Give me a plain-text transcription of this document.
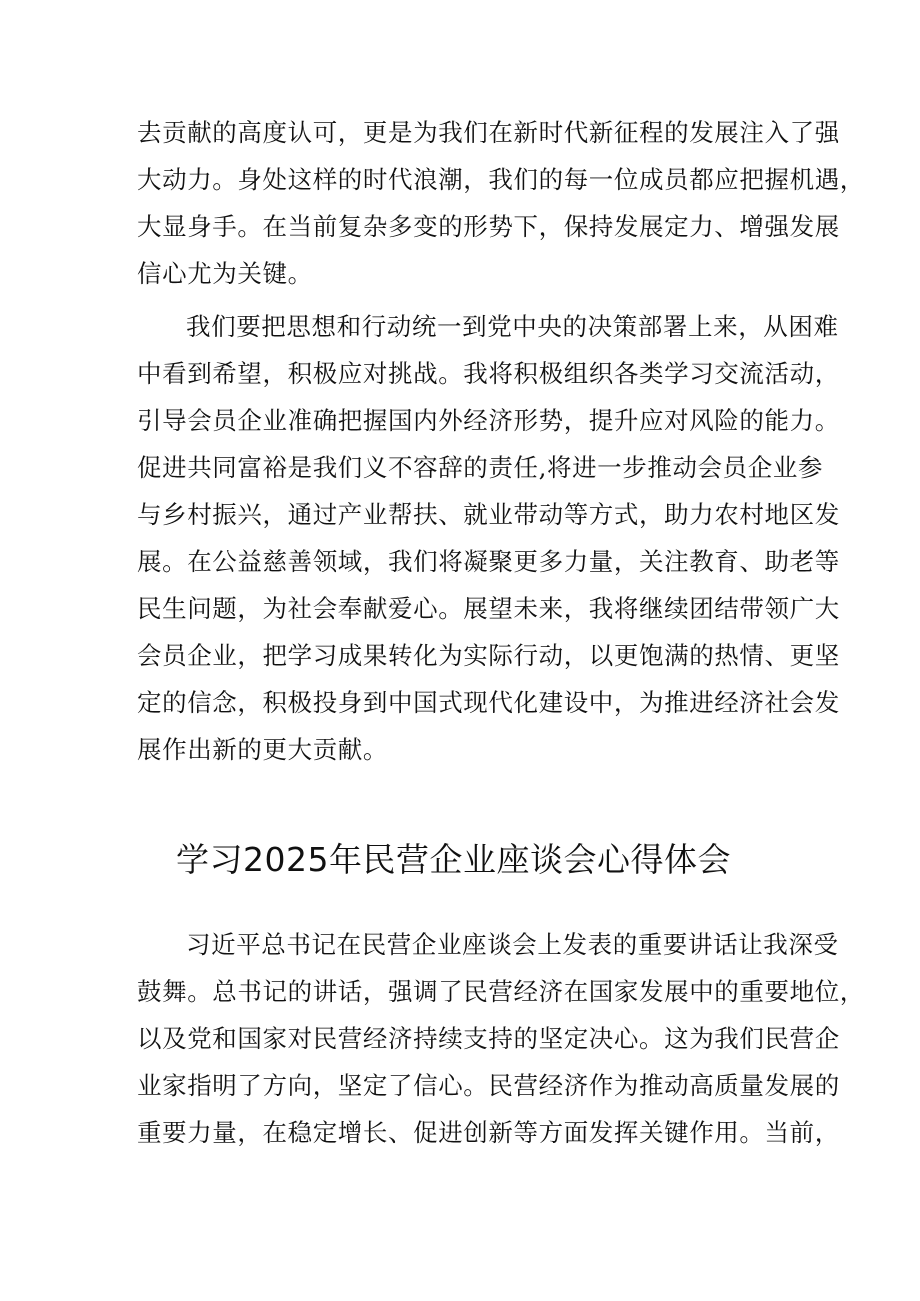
去贡献的高度认可，更是为我们在新时代新征程的发展注入了强
大动力。身处这样的时代浪潮，我们的每一位成员都应把握机遇，
大显身手。在当前复杂多变的形势下，保持发展定力、增强发展
信心尤为关键。
我们要把思想和行动统一到党中央的决策部署上来，从困难
中看到希望，积极应对挑战。我将积极组织各类学习交流活动，
引导会员企业准确把握国内外经济形势，提升应对风险的能力。
促进共同富裕是我们义不容辞的责任,将进一步推动会员企业参
与乡村振兴，通过产业帮扶、就业带动等方式，助力农村地区发
展。在公益慈善领域，我们将凝聚更多力量，关注教育、助老等
民生问题，为社会奉献爱心。展望未来，我将继续团结带领广大
会员企业，把学习成果转化为实际行动，以更饱满的热情、更坚
定的信念，积极投身到中国式现代化建设中，为推进经济社会发
展作出新的更大贡献。
学习2025年民营企业座谈会心得体会
习近平总书记在民营企业座谈会上发表的重要讲话让我深受
鼓舞。总书记的讲话，强调了民营经济在国家发展中的重要地位，
以及党和国家对民营经济持续支持的坚定决心。这为我们民营企
业家指明了方向，坚定了信心。民营经济作为推动高质量发展的
重要力量，在稳定增长、促进创新等方面发挥关键作用。当前，
